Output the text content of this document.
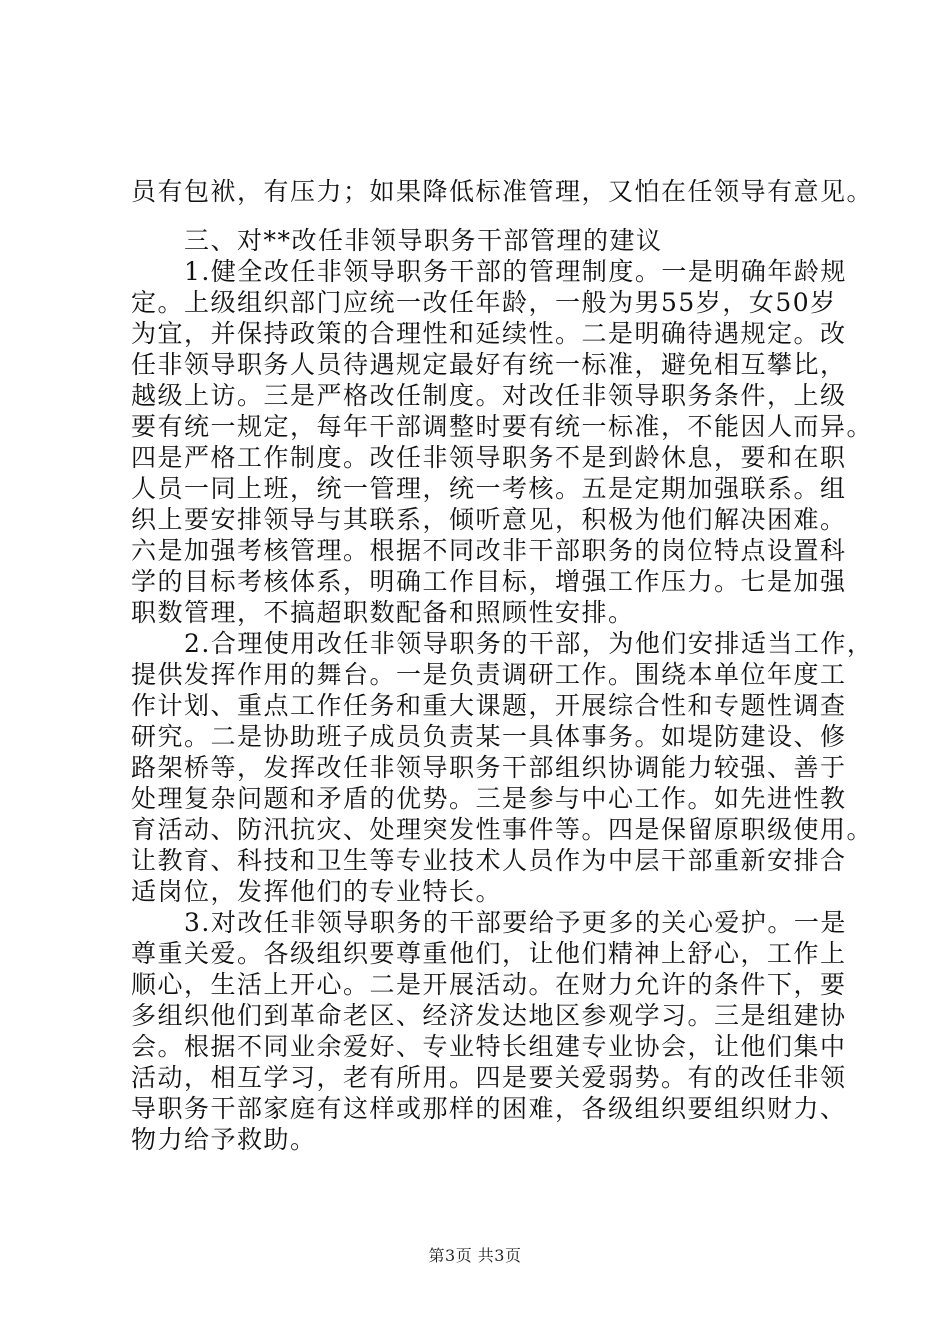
员有包袱，有压力；如果降低标准管理，又怕在任领导有意见。
　　三、对**改任非领导职务干部管理的建议
　　1.健全改任非领导职务干部的管理制度。一是明确年龄规
定。上级组织部门应统一改任年龄，一般为男55岁，女50岁
为宜，并保持政策的合理性和延续性。二是明确待遇规定。改
任非领导职务人员待遇规定最好有统一标准，避免相互攀比，
越级上访。三是严格改任制度。对改任非领导职务条件，上级
要有统一规定，每年干部调整时要有统一标准，不能因人而异。
四是严格工作制度。改任非领导职务不是到龄休息，要和在职
人员一同上班，统一管理，统一考核。五是定期加强联系。组
织上要安排领导与其联系，倾听意见，积极为他们解决困难。
六是加强考核管理。根据不同改非干部职务的岗位特点设置科
学的目标考核体系，明确工作目标，增强工作压力。七是加强
职数管理，不搞超职数配备和照顾性安排。
　　2.合理使用改任非领导职务的干部，为他们安排适当工作，
提供发挥作用的舞台。一是负责调研工作。围绕本单位年度工
作计划、重点工作任务和重大课题，开展综合性和专题性调查
研究。二是协助班子成员负责某一具体事务。如堤防建设、修
路架桥等，发挥改任非领导职务干部组织协调能力较强、善于
处理复杂问题和矛盾的优势。三是参与中心工作。如先进性教
育活动、防汛抗灾、处理突发性事件等。四是保留原职级使用。
让教育、科技和卫生等专业技术人员作为中层干部重新安排合
适岗位，发挥他们的专业特长。
　　3.对改任非领导职务的干部要给予更多的关心爱护。一是
尊重关爱。各级组织要尊重他们，让他们精神上舒心，工作上
顺心，生活上开心。二是开展活动。在财力允许的条件下，要
多组织他们到革命老区、经济发达地区参观学习。三是组建协
会。根据不同业余爱好、专业特长组建专业协会，让他们集中
活动，相互学习，老有所用。四是要关爱弱势。有的改任非领
导职务干部家庭有这样或那样的困难，各级组织要组织财力、
物力给予救助。
第3页 共3页
